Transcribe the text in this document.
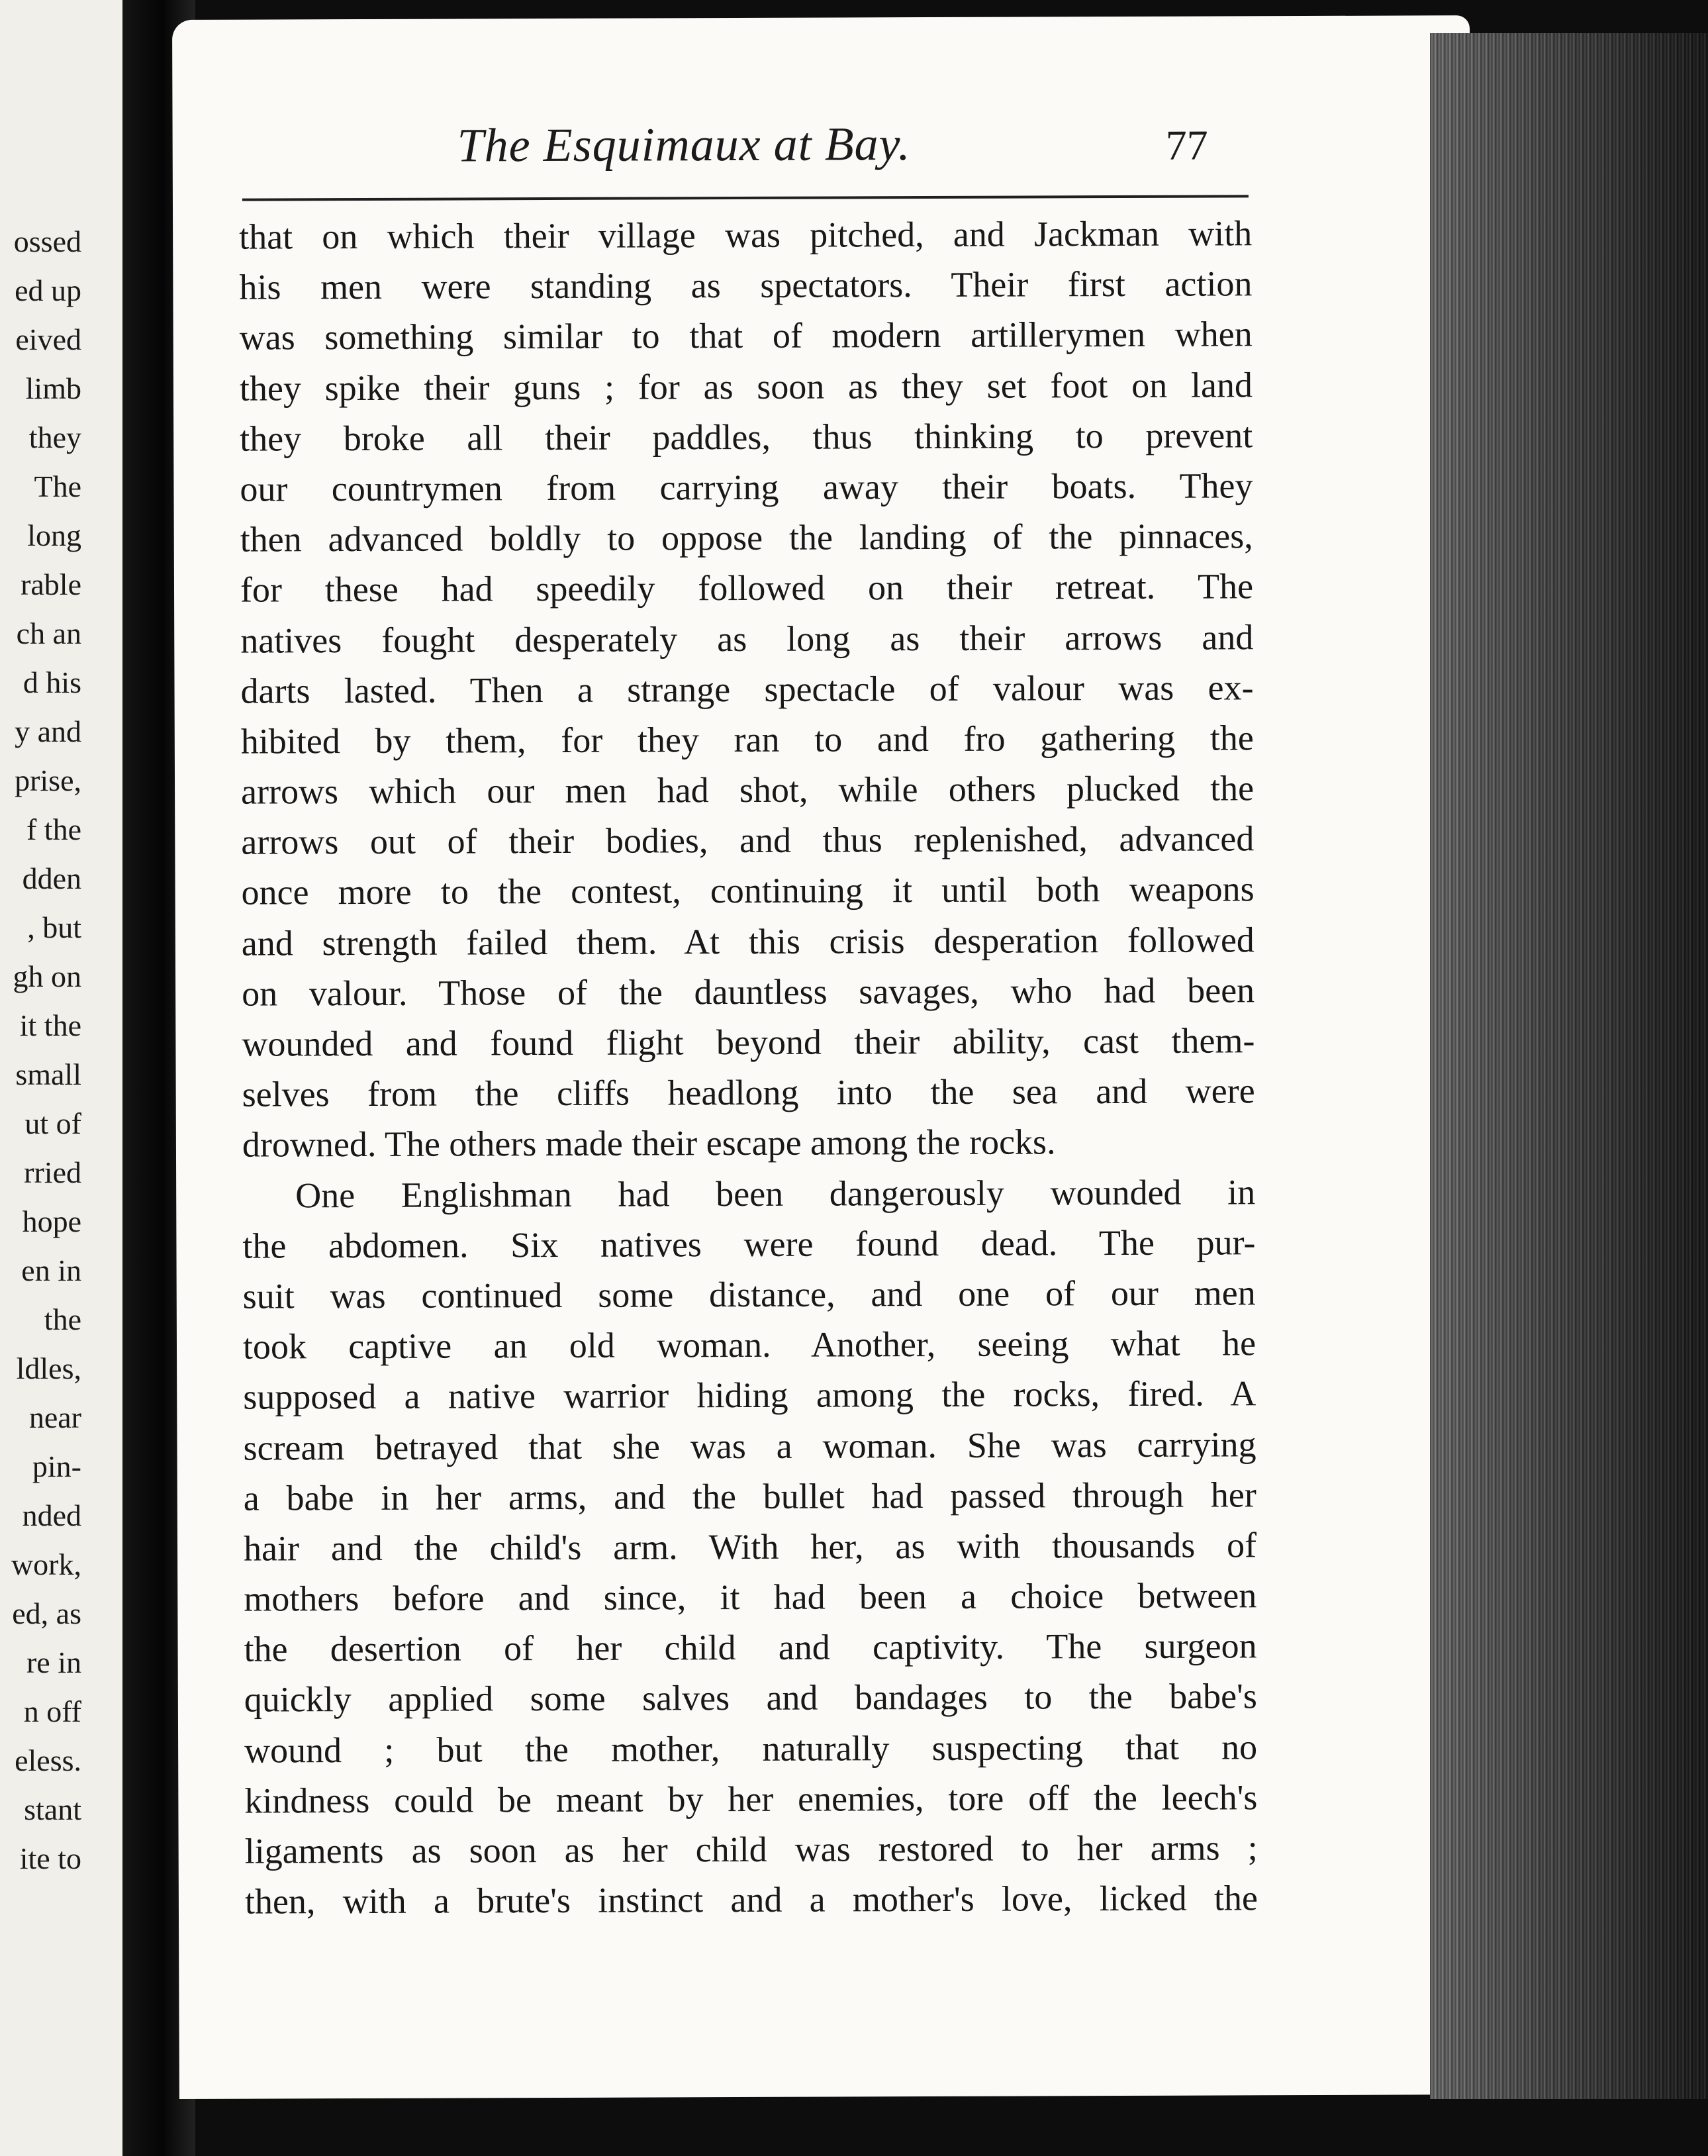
ossed
ed up
eived
limb
they
The
long
rable
ch an
d his
y and
prise,
f the
dden
, but
gh on
it the
small
ut of
rried
hope
en in
the
ldles,
near
pin-
nded
work,
ed, as
re in
n off
eless.
stant
ite to
The Esquimaux at Bay.	77
that on which their village was pitched, and Jackman with
his men were standing as spectators. Their first action
was something similar to that of modern artillerymen when
they spike their guns ; for as soon as they set foot on land
they broke all their paddles, thus thinking to prevent
our countrymen from carrying away their boats. They
then advanced boldly to oppose the landing of the pinnaces,
for these had speedily followed on their retreat. The
natives fought desperately as long as their arrows and
darts lasted. Then a strange spectacle of valour was ex-
hibited by them, for they ran to and fro gathering the
arrows which our men had shot, while others plucked the
arrows out of their bodies, and thus replenished, advanced
once more to the contest, continuing it until both weapons
and strength failed them. At this crisis desperation followed
on valour. Those of the dauntless savages, who had been
wounded and found flight beyond their ability, cast them-
selves from the cliffs headlong into the sea and were
drowned. The others made their escape among the rocks.
One Englishman had been dangerously wounded in
the abdomen. Six natives were found dead. The pur-
suit was continued some distance, and one of our men
took captive an old woman. Another, seeing what he
supposed a native warrior hiding among the rocks, fired. A
scream betrayed that she was a woman. She was carrying
a babe in her arms, and the bullet had passed through her
hair and the child's arm. With her, as with thousands of
mothers before and since, it had been a choice between
the desertion of her child and captivity. The surgeon
quickly applied some salves and bandages to the babe's
wound ; but the mother, naturally suspecting that no
kindness could be meant by her enemies, tore off the leech's
ligaments as soon as her child was restored to her arms ;
then, with a brute's instinct and a mother's love, licked the
